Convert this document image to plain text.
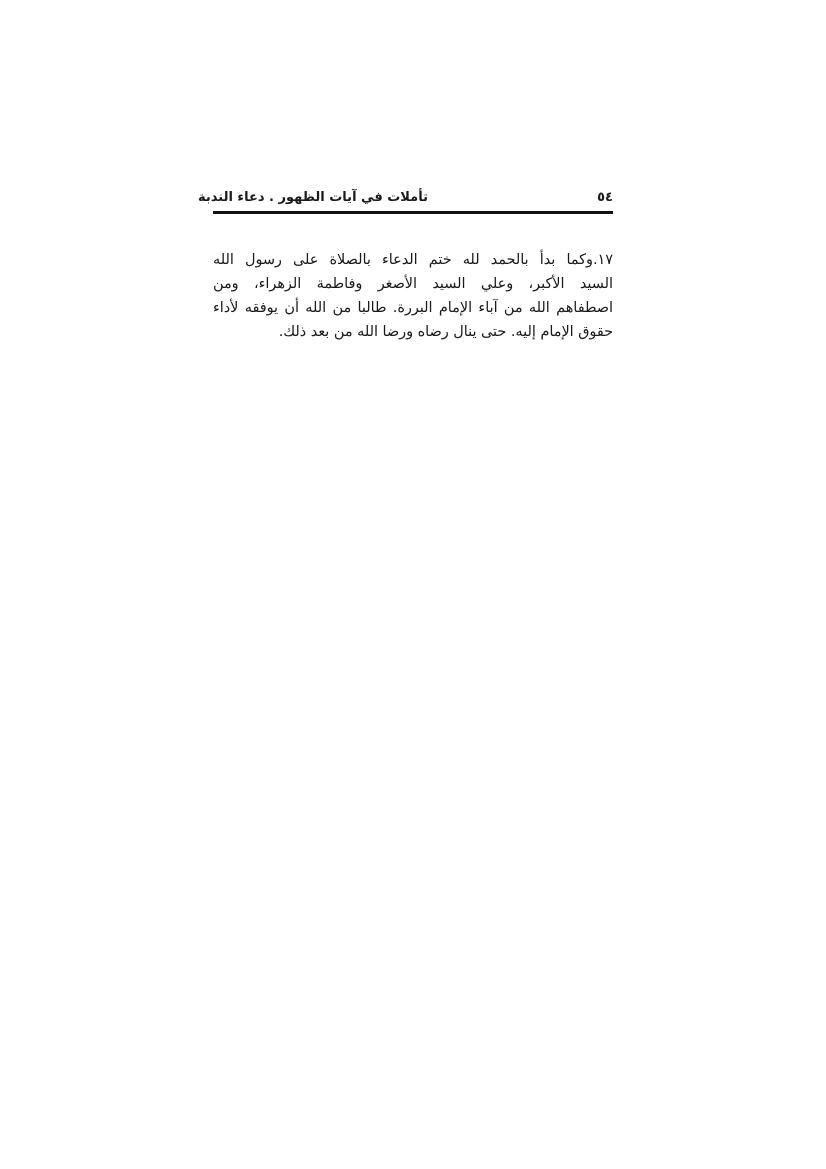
٥٤
تأملات في آيات الظهور . دعاء الندبة
١٧.وكما بدأ بالحمد لله ختم الدعاء بالصلاة على رسول الله
السيد الأكبر، وعلي السيد الأصغر وفاطمة الزهراء، ومن
اصطفاهم الله من آباء الإمام البررة. طالبا من الله أن يوفقه لأداء
حقوق الإمام إليه. حتى ينال رضاه ورضا الله من بعد ذلك.
